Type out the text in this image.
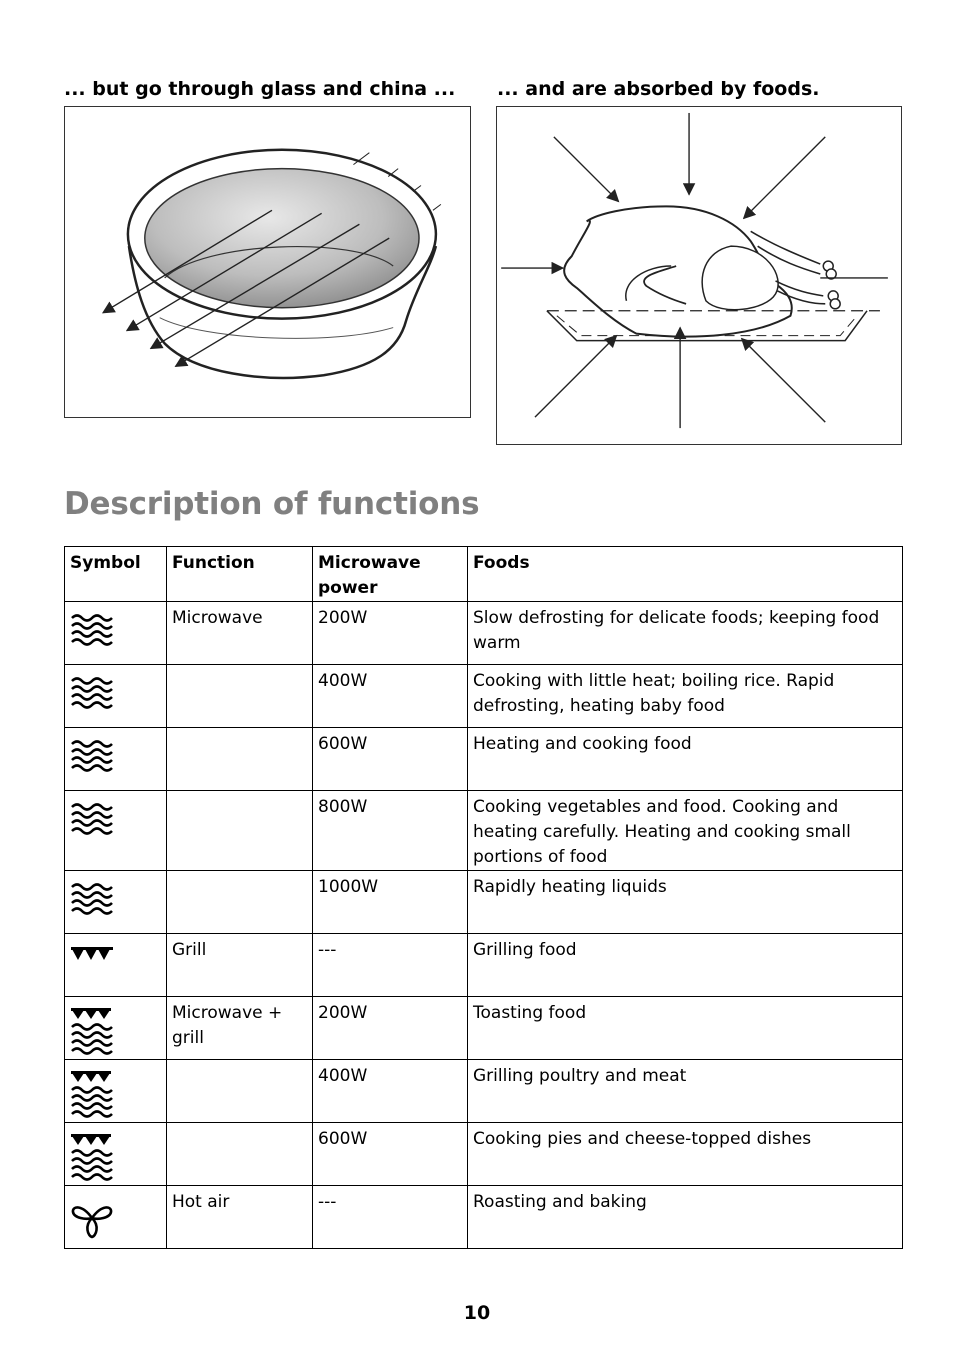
... but go through glass and china ... ... and are absorbed by foods.
Description of functions
Symbol	Function	Microwave power	Foods

	Microwave	200W	Slow defrosting for delicate foods; keeping food warm

		400W	Cooking with little heat; boiling rice. Rapid defrosting, heating baby food

		600W	Heating and cooking food

		800W	Cooking vegetables and food. Cooking and heating carefully. Heating and cooking small portions of food

		1000W	Rapidly heating liquids

	Grill	---	Grilling food

	Microwave + grill	200W	Toasting food

		400W	Grilling poultry and meat

		600W	Cooking pies and cheese-topped dishes

	Hot air	---	Roasting and baking
10
